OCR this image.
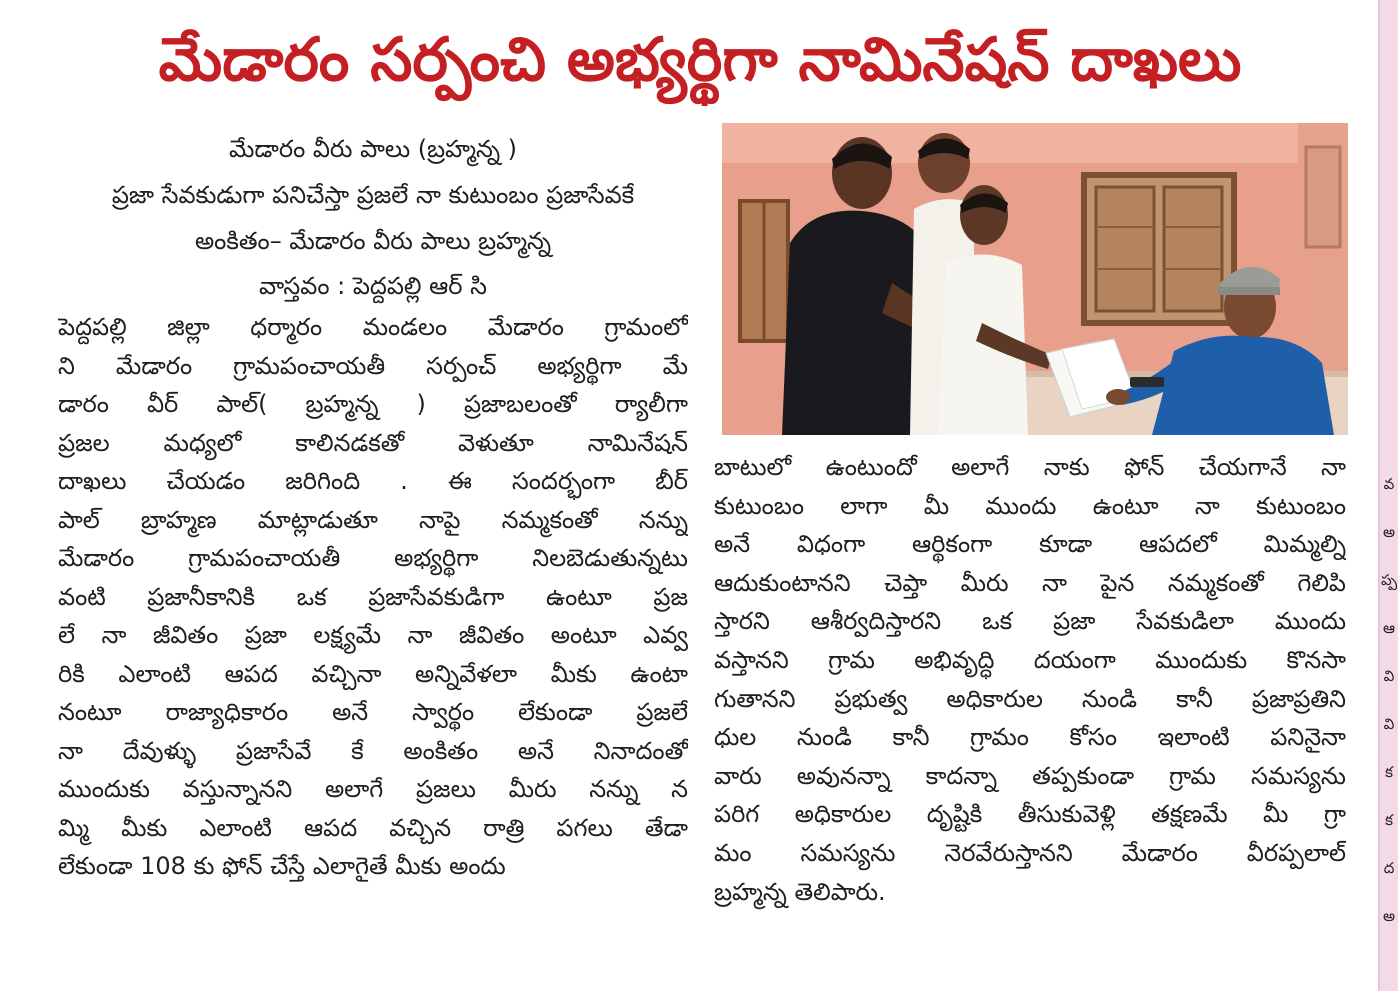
వ
అ
ప్ప
ఆ
వి
వి
క
క
ద
అ
మేడారం సర్పంచి అభ్యర్థిగా నామినేషన్ దాఖలు
మేడారం వీరు పాలు (బ్రహ్మన్న )
ప్రజా సేవకుడుగా పనిచేస్తా ప్రజలే నా కుటుంబం ప్రజాసేవకే
అంకితం– మేడారం వీరు పాలు బ్రహ్మన్న
వాస్తవం : పెద్దపల్లి ఆర్ సి
పెద్దపల్లి జిల్లా ధర్మారం మండలం మేడారం గ్రామంలో
ని మేడారం గ్రామపంచాయతీ సర్పంచ్ అభ్యర్థిగా మే
డారం వీర్ పాల్( బ్రహ్మన్న ) ప్రజాబలంతో ర్యాలీగా
ప్రజల మధ్యలో కాలినడకతో వెళుతూ నామినేషన్
దాఖలు చేయడం జరిగింది . ఈ సందర్భంగా బీర్
పాల్ బ్రాహ్మణ మాట్లాడుతూ నాపై నమ్మకంతో నన్ను
మేడారం గ్రామపంచాయతీ అభ్యర్థిగా నిలబెడుతున్నటు
వంటి ప్రజానీకానికి ఒక ప్రజాసేవకుడిగా ఉంటూ ప్రజ
లే నా జీవితం ప్రజా లక్ష్యమే నా జీవితం అంటూ ఎవ్వ
రికి ఎలాంటి ఆపద వచ్చినా అన్నివేళలా మీకు ఉంటా
నంటూ రాజ్యాధికారం అనే స్వార్థం లేకుండా ప్రజలే
నా దేవుళ్ళు ప్రజాసేవే కే అంకితం అనే నినాదంతో
ముందుకు వస్తున్నానని అలాగే ప్రజలు మీరు నన్ను న
మ్మి మీకు ఎలాంటి ఆపద వచ్చిన రాత్రి పగలు తేడా
లేకుండా 108 కు ఫోన్ చేస్తే ఎలాగైతే మీకు అందు
బాటులో ఉంటుందో అలాగే నాకు ఫోన్ చేయగానే నా
కుటుంబం లాగా మీ ముందు ఉంటూ నా కుటుంబం
అనే విధంగా ఆర్థికంగా కూడా ఆపదలో మిమ్మల్ని
ఆదుకుంటానని చెప్తా మీరు నా పైన నమ్మకంతో గెలిపి
స్తారని ఆశీర్వదిస్తారని ఒక ప్రజా సేవకుడిలా ముందు
వస్తానని గ్రామ అభివృద్ధి దయంగా ముందుకు కొనసా
గుతానని ప్రభుత్వ అధికారుల నుండి కానీ ప్రజాప్రతిని
ధుల నుండి కానీ గ్రామం కోసం ఇలాంటి పనినైనా
వారు అవునన్నా కాదన్నా తప్పకుండా గ్రామ సమస్యను
పరిగ అధికారుల దృష్టికి తీసుకువెళ్లి తక్షణమే మీ గ్రా
మం సమస్యను నెరవేరుస్తానని మేడారం వీరప్పలాల్
బ్రహ్మన్న తెలిపారు.
